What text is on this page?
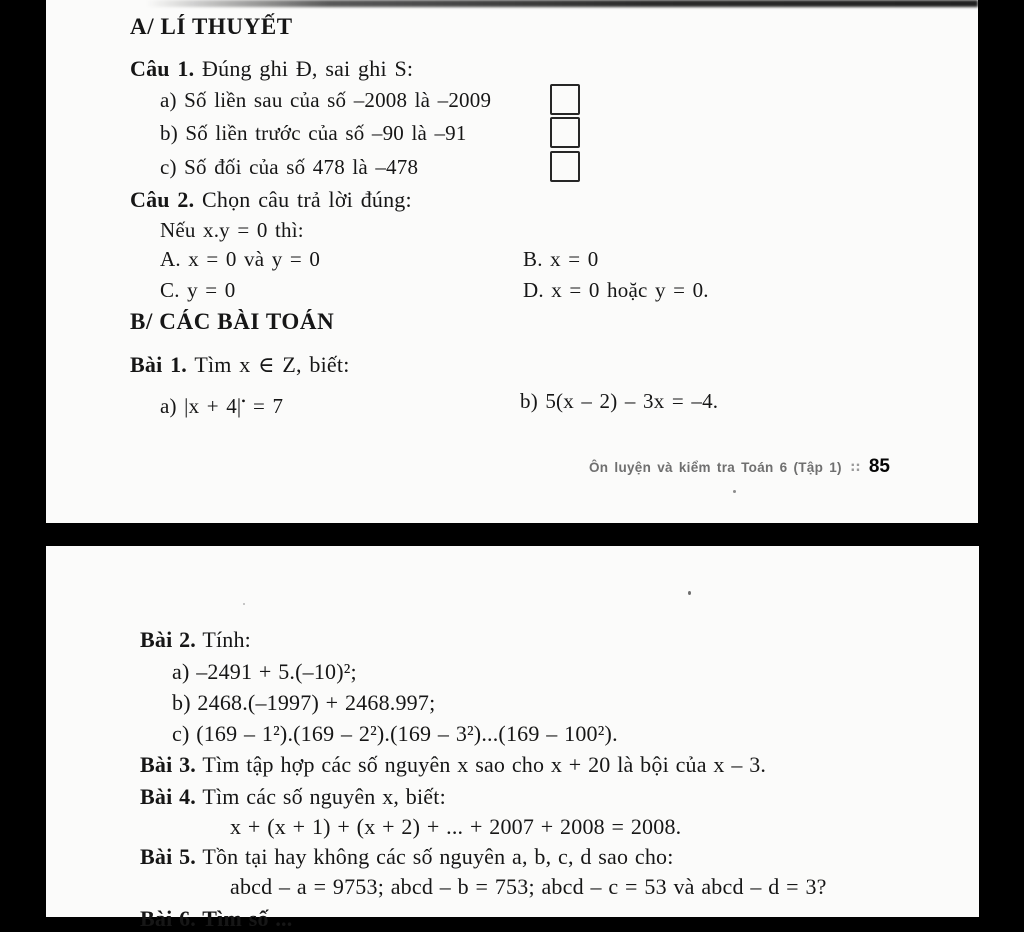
A/ LÍ THUYẾT
Câu 1. Đúng ghi Đ, sai ghi S:
a) Số liền sau của số –2008 là –2009
b) Số liền trước của số –90 là –91
c) Số đối của số 478 là –478
Câu 2. Chọn câu trả lời đúng:
Nếu x.y = 0 thì:
A. x = 0 và y = 0	B. x = 0
C. y = 0	D. x = 0 hoặc y = 0.
B/ CÁC BÀI TOÁN
Bài 1. Tìm x ∈ Z, biết:
a) |x + 4|• = 7	b) 5(x – 2) – 3x = –4.
Ôn luyện và kiểm tra Toán 6 (Tập 1) ∷ 85
Bài 2. Tính:
a) –2491 + 5.(–10)²;
b) 2468.(–1997) + 2468.997;
c) (169 – 1²).(169 – 2²).(169 – 3²)...(169 – 100²).
Bài 3. Tìm tập hợp các số nguyên x sao cho x + 20 là bội của x – 3.
Bài 4. Tìm các số nguyên x, biết:
x + (x + 1) + (x + 2) + ... + 2007 + 2008 = 2008.
Bài 5. Tồn tại hay không các số nguyên a, b, c, d sao cho:
abcd – a = 9753; abcd – b = 753; abcd – c = 53 và abcd – d = 3?
Bài 6. Tìm số ...
